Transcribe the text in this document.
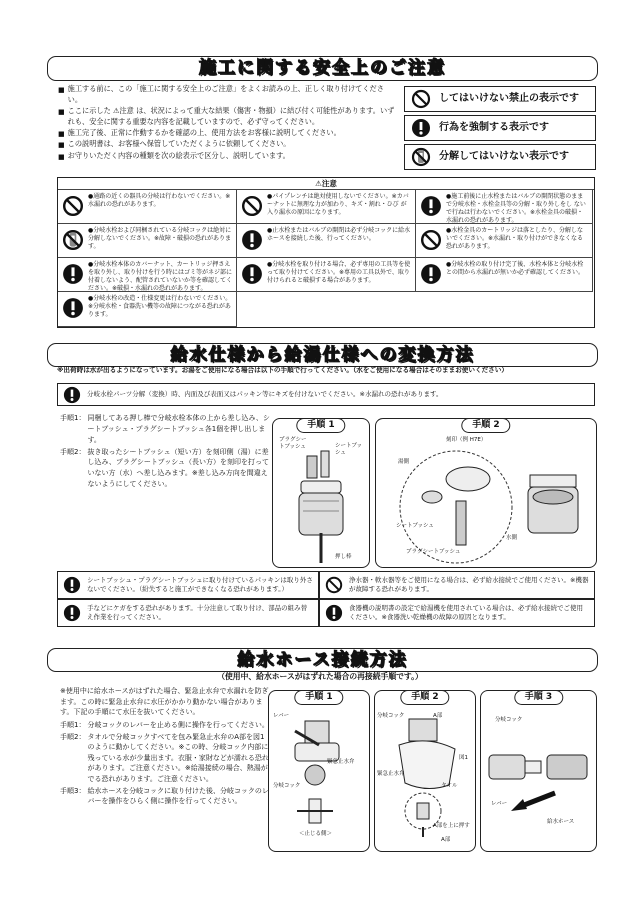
施工に関する安全上のご注意
■ 施工する前に、この「施工に関する安全上のご注意」をよくお読みの上、正しく取り付けてください。
■ ここに示した ⚠注意 は、状況によって重大な結果（傷害・物損）に結び付く可能性があります。いずれも、安全に関する重要な内容を記載していますので、必ず守ってください。
■ 施工完了後、正常に作動するかを確認の上、使用方法をお客様に説明してください。
■ この説明書は、お客様へ保管していただくように依頼してください。
■ お守りいただく内容の種類を次の絵表示で区分し、説明しています。
してはいけない禁止の表示です
行為を強制する表示です
分解してはいけない表示です
⚠注意
●通路の近くの器具の分岐は行わないでください。※水漏れの恐れがあります。
●パイプレンチは絶対使用しないでください。※カバーナットに無理な力が加わり、キズ・割れ・ひび が入り漏水の原因になります。
●施工前後に止水栓またはバルブの開閉状態のまま で分岐水栓・水栓金具等の分解・取り外しをし ないで行ねは行わないでください。※水栓金具の破損・水漏れの恐れがあります。
●分岐水栓および同梱されている分岐コックは絶対に分解しないでください。※故障・破損の恐れがあります。
●止水栓またはバルブの開閉は必ず分岐コックに給水ホースを接続した後、行ってください。
●水栓金具のカートリッジは落としたり、分解しないでください。※水漏れ・取り付けができなくなる恐れがあります。
●分岐水栓本体のカバーナット、カートリッジ押さえを取り外し、取り付けを行う時にはゴミ等がネジ部に付着しないよう、配管されていないか等を確認してください。※破損・水漏れの恐れがあります。
●分岐水栓を取り付ける場合、必ず専用の工具等を使って取り付けてください。※専用の工具以外で、取り付けられると破損する場合があります。
●分岐水栓の取り付け完了後、水栓本体と分岐水栓との間から水漏れが無いか必ず確認してください。
●分岐水栓の改造・仕様変更は行わないでください。※分岐水栓・食器洗い機等の故障につながる恐れがあります。
給水仕様から給湯仕様への変換方法
※出荷時は水が出るようになっています。お湯をご使用になる場合は以下の手順で行ってください。（水をご使用になる場合はそのままお使いください）
分岐水栓パーツ分解（変換）時、内面及び表面又はパッキン等にキズを付けないでください。※水漏れの恐れがあります。
手順1： 同梱してある押し棒で分岐水栓本体の上から差し込み、シートブッシュ・プラグシートブッシュ各1個を押し出します。
手順2： 抜き取ったシートブッシュ（短い方）を刻印側（湯）に差し込み、プラグシートブッシュ（長い方）を刻印を打っていない方（水）へ差し込みます。※差し込み方向を間違えないようにしてください。
手順 1
プラグシートブッシュ	シートブッシュ
押し棒
手順 2
刻印（例 H7E）
湯側
シートブッシュ
プラグシートブッシュ
水側
シートブッシュ・プラグシートブッシュに取り付けているパッキンは取り外さないでください。（紛失すると施工ができなくなる恐れがあります。）
浄水器・軟水器等をご使用になる場合は、必ず給水接続でご使用ください。※機器が故障する恐れがあります。
手などにケガをする恐れがあります。十分注意して取り付け、部品の組み替え作業を行ってください。
食器機の説明書の設定で給湯機を使用されている場合は、必ず給水接続でご使用ください。※食器洗い乾燥機の故障の原因となります。
給水ホース接続方法
（使用中、給水ホースがはずれた場合の再接続手順です。）
※使用中に給水ホースがはずれた場合、緊急止水弁で水漏れを防ぎます。この時に緊急止水弁に水圧がかかり動かない場合があります。下記の手順にて水圧を抜いてください。
手順1： 分岐コックのレバーを止める側に操作を行ってください。
手順2： タオルで分岐コックすべてを包み緊急止水弁のA部を図1のように動かしてください。※この時、分岐コック内部に残っている水が少量出ます。衣服・家財などが濡れる恐れがあります。ご注意ください。※給湯接続の場合、熱湯がでる恐れがあります。ご注意ください。
手順3： 給水ホースを分岐コックに取り付けた後、分岐コックのレバーを操作をひらく側に操作を行ってください。
手順 1
レバー
分岐コック
緊急止水弁
＜止じる側＞
手順 2
分岐コック	A部
緊急止水弁
タオル
図1
A部を上に押す
A部
手順 3
分岐コック
レバー
給水ホース
